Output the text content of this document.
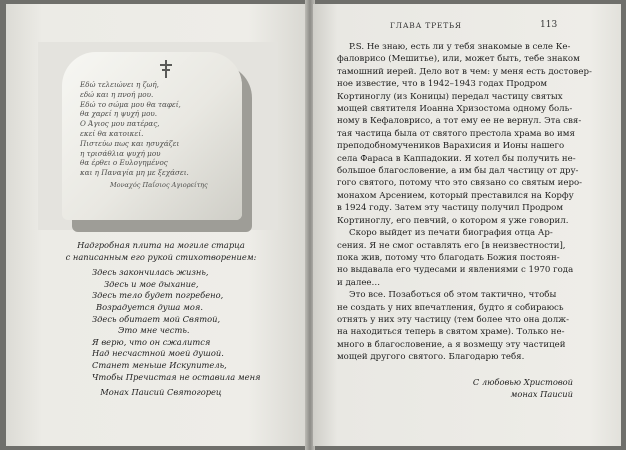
Εδώ τελειώνει η ζωή,
εδώ και η πνοή μου.
Εδώ το σώμα μου θα ταφεί,
θα χαρεί η ψυχή μου.
Ο Άγιος μου πατέρας,
εκεί θα κατοικεί.
Πιστεύω πως και ησυχάζει
η τρισάθλια ψυχή μου
θα έρθει ο Ευλογημένος
και η Παναγία μη με ξεχάσει.
Μοναχός Παΐσιος Αγιορείτης
Надгробная плита на могиле старца
с написанным его рукой стихотворением:
Здесь закончилась жизнь,
Здесь и мое дыхание,
Здесь тело будет погребено,
Возрадуется душа моя.
Здесь обитает мой Святой,
Это мне честь.
Я верю, что он сжалится
Над несчастной моей душой.
Станет меньше Искупитель,
Чтобы Пречистая не оставила меня
Монах Паисий Святогорец
ГЛАВА ТРЕТЬЯ	113
P.S. Не знаю, есть ли у тебя знакомые в селе Ке-
фаловрисо (Мешитье), или, может быть, тебе знаком
тамошний иерей. Дело вот в чем: у меня есть достовер-
ное известие, что в 1942–1943 годах Продром
Кортиноглу (из Коницы) передал частицу святых
мощей святителя Иоанна Хризостома одному боль-
ному в Кефаловрисо, а тот ему ее не вернул. Эта свя-
тая частица была от святого престола храма во имя
преподобномучеников Варахисия и Ионы нашего
села Фараса в Каппадокии. Я хотел бы получить не-
большое благословение, а им бы дал частицу от дру-
гого святого, потому что это связано со святым иеро-
монахом Арсением, который преставился на Корфу
в 1924 году. Затем эту частицу получил Продром
Кортиноглу, его певчий, о котором я уже говорил.
Скоро выйдет из печати биография отца Ар-
сения. Я не смог оставлять его [в неизвестности],
пока жив, потому что благодать Божия постоян-
но выдавала его чудесами и явлениями с 1970 года
и далее…
Это все. Позаботься об этом тактично, чтобы
не создать у них впечатления, будто я собираюсь
отнять у них эту частицу (тем более что она долж-
на находиться теперь в святом храме). Только не-
много в благословение, а я возмещу эту частицей
мощей другого святого. Благодарю тебя.
С любовью Христовой
монах Паисий
